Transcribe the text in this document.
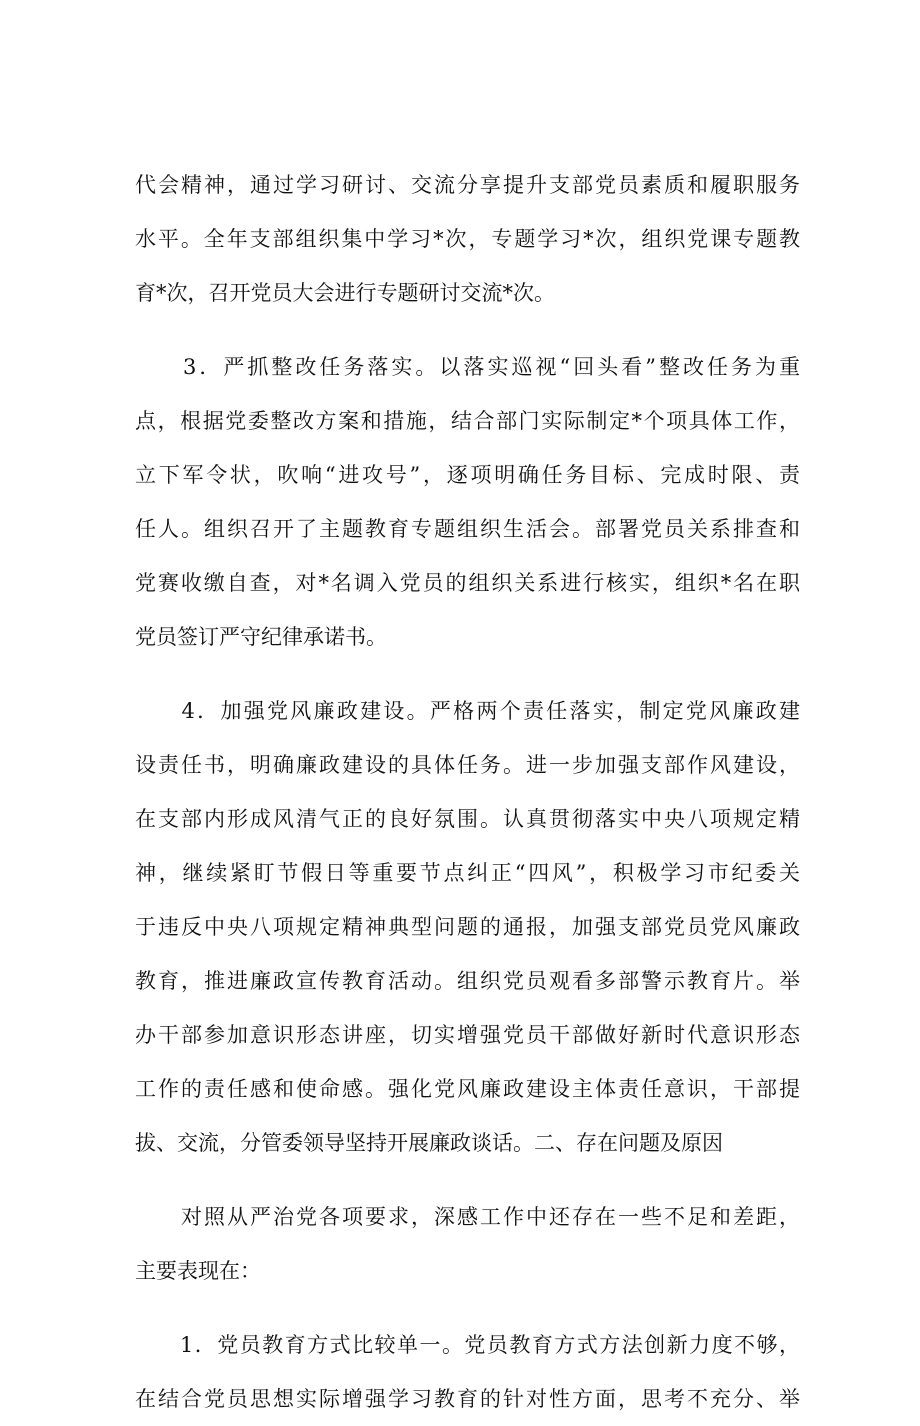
代会精神，通过学习研讨、交流分享提升支部党员素质和履职服务
水平。全年支部组织集中学习*次，专题学习*次，组织党课专题教
育*次，召开党员大会进行专题研讨交流*次。
　　3．严抓整改任务落实。以落实巡视“回头看”整改任务为重
点，根据党委整改方案和措施，结合部门实际制定*个项具体工作，
立下军令状，吹响“进攻号”，逐项明确任务目标、完成时限、责
任人。组织召开了主题教育专题组织生活会。部署党员关系排查和
党赛收缴自查，对*名调入党员的组织关系进行核实，组织*名在职
党员签订严守纪律承诺书。
　　4．加强党风廉政建设。严格两个责任落实，制定党风廉政建
设责任书，明确廉政建设的具体任务。进一步加强支部作风建设，
在支部内形成风清气正的良好氛围。认真贯彻落实中央八项规定精
神，继续紧盯节假日等重要节点纠正“四风”，积极学习市纪委关
于违反中央八项规定精神典型问题的通报，加强支部党员党风廉政
教育，推进廉政宣传教育活动。组织党员观看多部警示教育片。举
办干部参加意识形态讲座，切实增强党员干部做好新时代意识形态
工作的责任感和使命感。强化党风廉政建设主体责任意识，干部提
拔、交流，分管委领导坚持开展廉政谈话。二、存在问题及原因
　　对照从严治党各项要求，深感工作中还存在一些不足和差距，
主要表现在：
　　1．党员教育方式比较单一。党员教育方式方法创新力度不够，
在结合党员思想实际增强学习教育的针对性方面，思考不充分、举
